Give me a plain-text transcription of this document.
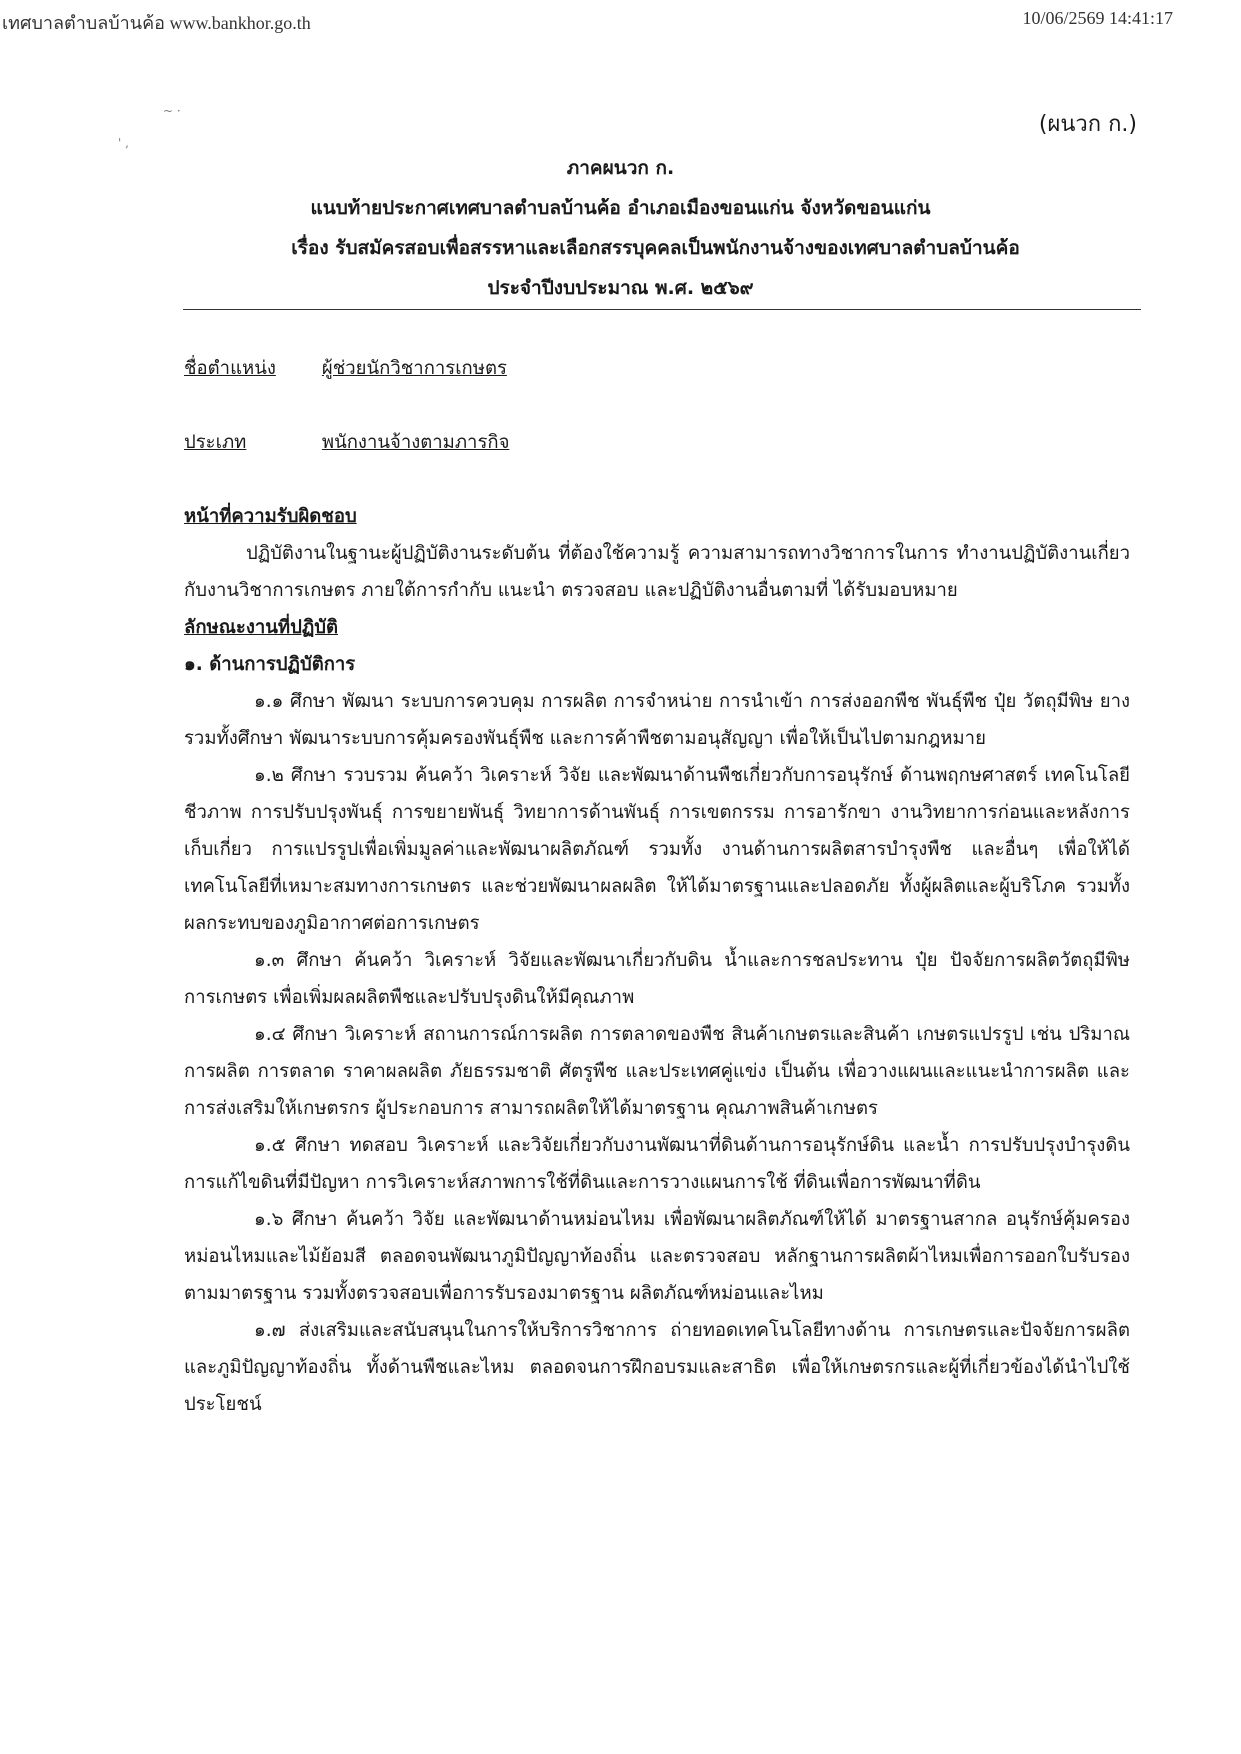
เทศบาลตำบลบ้านค้อ www.bankhor.go.th	10/06/2569 14:41:17
~ ·
' ,
(ผนวก ก.)
ภาคผนวก ก.
แนบท้ายประกาศเทศบาลตำบลบ้านค้อ อำเภอเมืองขอนแก่น จังหวัดขอนแก่น
เรื่อง รับสมัครสอบเพื่อสรรหาและเลือกสรรบุคคลเป็นพนักงานจ้างของเทศบาลตำบลบ้านค้อ
ประจำปีงบประมาณ พ.ศ. ๒๕๖๙

ชื่อตำแหน่ง ผู้ช่วยนักวิชาการเกษตร

ประเภท	พนักงานจ้างตามภารกิจ

หน้าที่ความรับผิดชอบ

ปฏิบัติงานในฐานะผู้ปฏิบัติงานระดับต้น ที่ต้องใช้ความรู้ ความสามารถทางวิชาการในการ ทำงานปฏิบัติงานเกี่ยวกับงานวิชาการเกษตร ภายใต้การกำกับ แนะนำ ตรวจสอบ และปฏิบัติงานอื่นตามที่ ได้รับมอบหมาย

ลักษณะงานที่ปฏิบัติ

๑. ด้านการปฏิบัติการ

๑.๑ ศึกษา พัฒนา ระบบการควบคุม การผลิต การจำหน่าย การนำเข้า การส่งออกพืช พันธุ์พืช ปุ๋ย วัตถุมีพิษ ยาง รวมทั้งศึกษา พัฒนาระบบการคุ้มครองพันธุ์พืช และการค้าพืชตามอนุสัญญา เพื่อให้เป็นไปตามกฎหมาย

๑.๒ ศึกษา รวบรวม ค้นคว้า วิเคราะห์ วิจัย และพัฒนาด้านพืชเกี่ยวกับการอนุรักษ์ ด้านพฤกษศาสตร์ เทคโนโลยีชีวภาพ การปรับปรุงพันธุ์ การขยายพันธุ์ วิทยาการด้านพันธุ์ การเขตกรรม การอารักขา งานวิทยาการก่อนและหลังการเก็บเกี่ยว การแปรรูปเพื่อเพิ่มมูลค่าและพัฒนาผลิตภัณฑ์ รวมทั้ง งานด้านการผลิตสารบำรุงพืช และอื่นๆ เพื่อให้ได้เทคโนโลยีที่เหมาะสมทางการเกษตร และช่วยพัฒนาผลผลิต ให้ได้มาตรฐานและปลอดภัย ทั้งผู้ผลิตและผู้บริโภค รวมทั้งผลกระทบของภูมิอากาศต่อการเกษตร

๑.๓ ศึกษา ค้นคว้า วิเคราะห์ วิจัยและพัฒนาเกี่ยวกับดิน น้ำและการชลประทาน ปุ๋ย ปัจจัยการผลิตวัตถุมีพิษการเกษตร เพื่อเพิ่มผลผลิตพืชและปรับปรุงดินให้มีคุณภาพ

๑.๔ ศึกษา วิเคราะห์ สถานการณ์การผลิต การตลาดของพืช สินค้าเกษตรและสินค้า เกษตรแปรรูป เช่น ปริมาณการผลิต การตลาด ราคาผลผลิต ภัยธรรมชาติ ศัตรูพืช และประเทศคู่แข่ง เป็นต้น เพื่อวางแผนและแนะนำการผลิต และการส่งเสริมให้เกษตรกร ผู้ประกอบการ สามารถผลิตให้ได้มาตรฐาน คุณภาพสินค้าเกษตร

๑.๕ ศึกษา ทดสอบ วิเคราะห์ และวิจัยเกี่ยวกับงานพัฒนาที่ดินด้านการอนุรักษ์ดิน และน้ำ การปรับปรุงบำรุงดิน การแก้ไขดินที่มีปัญหา การวิเคราะห์สภาพการใช้ที่ดินและการวางแผนการใช้ ที่ดินเพื่อการพัฒนาที่ดิน

๑.๖ ศึกษา ค้นคว้า วิจัย และพัฒนาด้านหม่อนไหม เพื่อพัฒนาผลิตภัณฑ์ให้ได้ มาตรฐานสากล อนุรักษ์คุ้มครองหม่อนไหมและไม้ย้อมสี ตลอดจนพัฒนาภูมิปัญญาท้องถิ่น และตรวจสอบ หลักฐานการผลิตผ้าไหมเพื่อการออกใบรับรองตามมาตรฐาน รวมทั้งตรวจสอบเพื่อการรับรองมาตรฐาน ผลิตภัณฑ์หม่อนและไหม

๑.๗ ส่งเสริมและสนับสนุนในการให้บริการวิชาการ ถ่ายทอดเทคโนโลยีทางด้าน การเกษตรและปัจจัยการผลิต และภูมิปัญญาท้องถิ่น ทั้งด้านพืชและไหม ตลอดจนการฝึกอบรมและสาธิต เพื่อให้เกษตรกรและผู้ที่เกี่ยวข้องได้นำไปใช้ประโยชน์
